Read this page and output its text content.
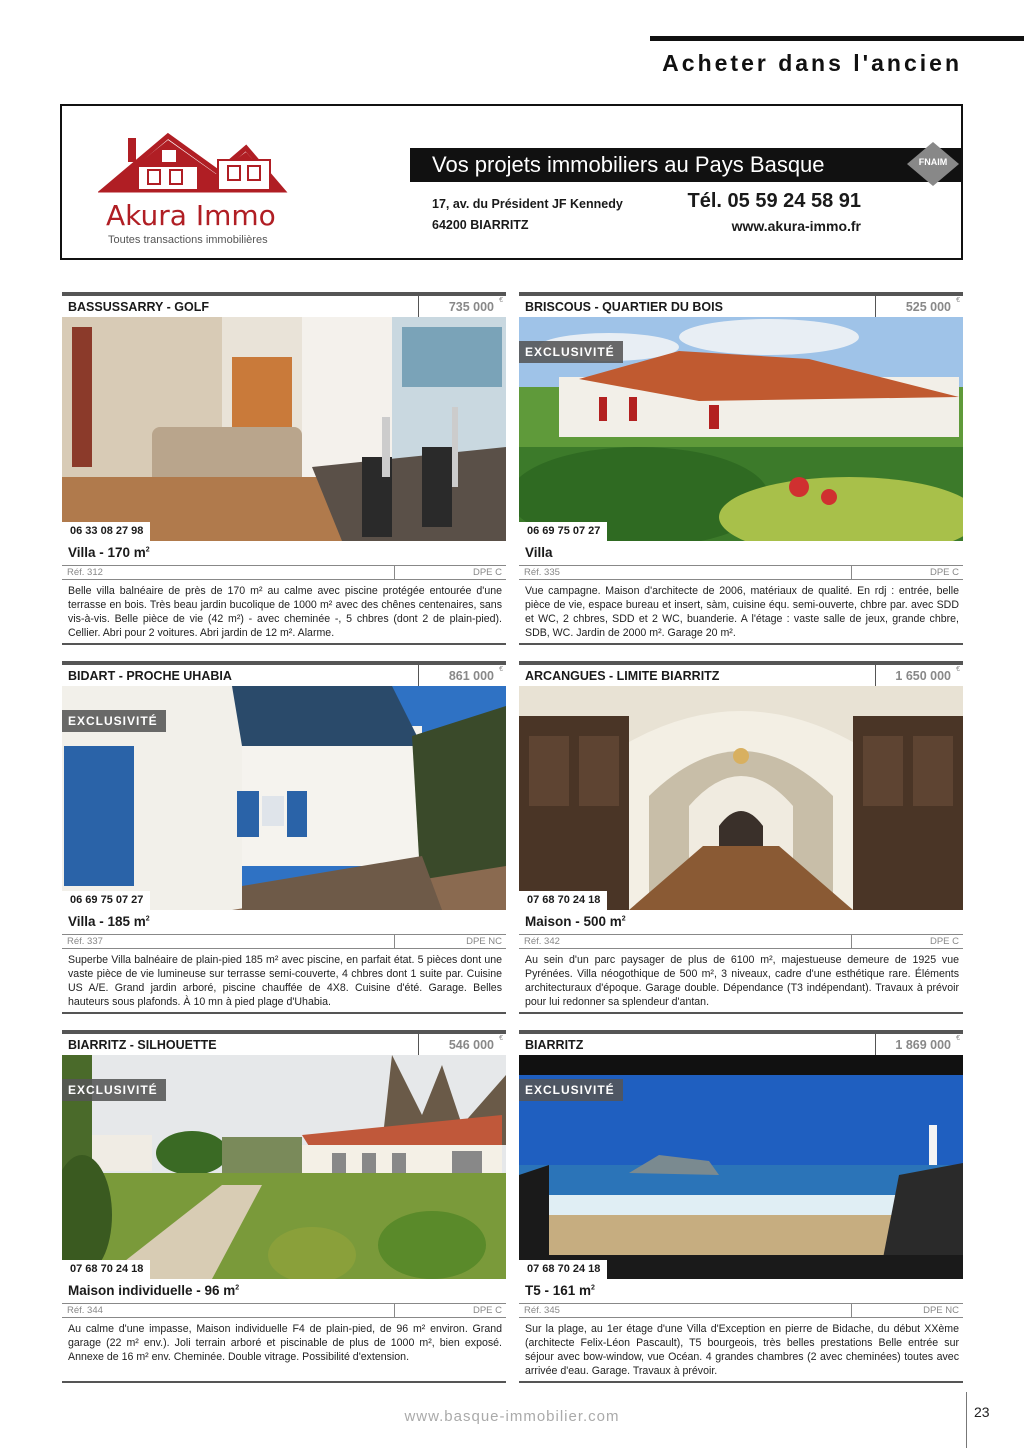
Acheter dans l'ancien
Akura Immo
Toutes transactions immobilières
Vos projets immobiliers au Pays Basque	FNAIM
17, av. du Président JF Kennedy
64200 BIARRITZ
Tél. 05 59 24 58 91
www.akura-immo.fr
BASSUSSARRY - GOLF	735 000 €
06 33 08 27 98
Villa - 170 $m^2$
Réf. 312	DPE C
Belle villa balnéaire de près de 170 m² au calme avec piscine protégée entourée d'une terrasse en bois. Très beau jardin bucolique de 1000 m² avec des chênes centenaires, sans vis-à-vis. Belle pièce de vie (42 m²) - avec cheminée -, 5 chbres (dont 2 de plain-pied). Cellier. Abri pour 2 voitures. Abri jardin de 12 m². Alarme.
BRISCOUS - QUARTIER DU BOIS	525 000 €
EXCLUSIVITÉ
06 69 75 07 27
Villa
Réf. 335	DPE C
Vue campagne. Maison d'architecte de 2006, matériaux de qualité. En rdj : entrée, belle pièce de vie, espace bureau et insert, sàm, cuisine équ. semi-ouverte, chbre par. avec SDD et WC, 2 chbres, SDD et 2 WC, buanderie. A l'étage : vaste salle de jeux, grande chbre, SDB, WC. Jardin de 2000 m². Garage 20 m².
BIDART - PROCHE UHABIA	861 000 €
EXCLUSIVITÉ
06 69 75 07 27
Villa - 185 $m^2$
Réf. 337	DPE NC
Superbe Villa balnéaire de plain-pied 185 m² avec piscine, en parfait état. 5 pièces dont une vaste pièce de vie lumineuse sur terrasse semi-couverte, 4 chbres dont 1 suite par. Cuisine US A/E. Grand jardin arboré, piscine chauffée de 4X8. Cuisine d'été. Garage. Belles hauteurs sous plafonds. À 10 mn à pied plage d'Uhabia.
ARCANGUES - LIMITE BIARRITZ	1 650 000 €
07 68 70 24 18
Maison - 500 $m^2$
Réf. 342	DPE C
Au sein d'un parc paysager de plus de 6100 m², majestueuse demeure de 1925 vue Pyrénées. Villa néogothique de 500 m², 3 niveaux, cadre d'une esthétique rare. Éléments architecturaux d'époque. Garage double. Dépendance (T3 indépendant). Travaux à prévoir pour lui redonner sa splendeur d'antan.
BIARRITZ - SILHOUETTE	546 000 €
EXCLUSIVITÉ
07 68 70 24 18
Maison individuelle - 96 $m^2$
Réf. 344	DPE C
Au calme d'une impasse, Maison individuelle F4 de plain-pied, de 96 m² environ. Grand garage (22 m² env.). Joli terrain arboré et piscinable de plus de 1000 m², bien exposé. Annexe de 16 m² env. Cheminée. Double vitrage. Possibilité d'extension.
BIARRITZ	1 869 000 €
EXCLUSIVITÉ
07 68 70 24 18
T5 - 161 $m^2$
Réf. 345	DPE NC
Sur la plage, au 1er étage d'une Villa d'Exception en pierre de Bidache, du début XXème (architecte Felix-Léon Pascault), T5 bourgeois, très belles prestations Belle entrée sur séjour avec bow-window, vue Océan. 4 grandes chambres (2 avec cheminées) toutes avec arrivée d'eau. Garage. Travaux à prévoir.
www.basque-immobilier.com	23
